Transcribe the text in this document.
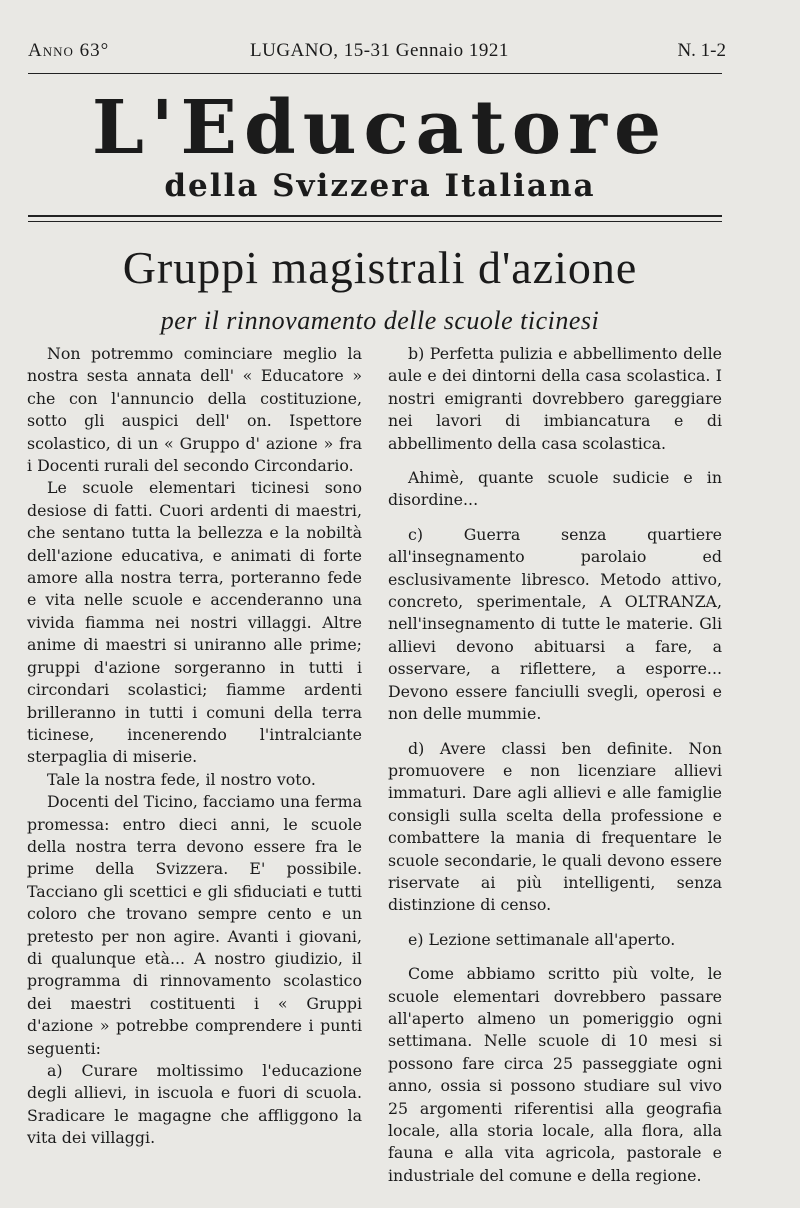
Anno 63°	LUGANO, 15-31 Gennaio 1921	N. 1-2
L'Educatore
della Svizzera Italiana
Gruppi magistrali d'azione
per il rinnovamento delle scuole ticinesi

Non potremmo cominciare meglio la nostra sesta annata dell' « Educatore » che con l'annuncio della costituzione, sotto gli auspici dell' on. Ispettore scolastico, di un « Gruppo d' azione » fra i Docenti rurali del secondo Circondario.

Le scuole elementari ticinesi sono desiose di fatti. Cuori ardenti di maestri, che sentano tutta la bellezza e la nobiltà dell'azione educativa, e animati di forte amore alla nostra terra, porteranno fede e vita nelle scuole e accenderanno una vivida fiamma nei nostri villaggi. Altre anime di maestri si uniranno alle prime; gruppi d'azione sorgeranno in tutti i circondari scolastici; fiamme ardenti brilleranno in tutti i comuni della terra ticinese, incenerendo l'intralciante sterpaglia di miserie.

Tale la nostra fede, il nostro voto.

Docenti del Ticino, facciamo una ferma promessa: entro dieci anni, le scuole della nostra terra devono essere fra le prime della Svizzera. E' possibile. Tacciano gli scettici e gli sfiduciati e tutti coloro che trovano sempre cento e un pretesto per non agire. Avanti i giovani, di qualunque età... A nostro giudizio, il programma di rinnovamento scolastico dei maestri costituenti i « Gruppi d'azione » potrebbe comprendere i punti seguenti:

a) Curare moltissimo l'educazione degli allievi, in iscuola e fuori di scuola. Sradicare le magagne che affliggono la vita dei villaggi.

b) Perfetta pulizia e abbellimento delle aule e dei dintorni della casa scolastica. I nostri emigranti dovrebbero gareggiare nei lavori di imbiancatura e di abbellimento della casa scolastica.

Ahimè, quante scuole sudicie e in disordine...

c) Guerra senza quartiere all'insegnamento parolaio ed esclusivamente libresco. Metodo attivo, concreto, sperimentale, A OLTRANZA, nell'insegnamento di tutte le materie. Gli allievi devono abituarsi a fare, a osservare, a riflettere, a esporre... Devono essere fanciulli svegli, operosi e non delle mummie.

d) Avere classi ben definite. Non promuovere e non licenziare allievi immaturi. Dare agli allievi e alle famiglie consigli sulla scelta della professione e combattere la mania di frequentare le scuole secondarie, le quali devono essere riservate ai più intelligenti, senza distinzione di censo.

e) Lezione settimanale all'aperto.

Come abbiamo scritto più volte, le scuole elementari dovrebbero passare all'aperto almeno un pomeriggio ogni settimana. Nelle scuole di 10 mesi si possono fare circa 25 passeggiate ogni anno, ossia si possono studiare sul vivo 25 argomenti riferentisi alla geografia locale, alla storia locale, alla flora, alla fauna e alla vita agricola, pastorale e industriale del comune e della regione.
